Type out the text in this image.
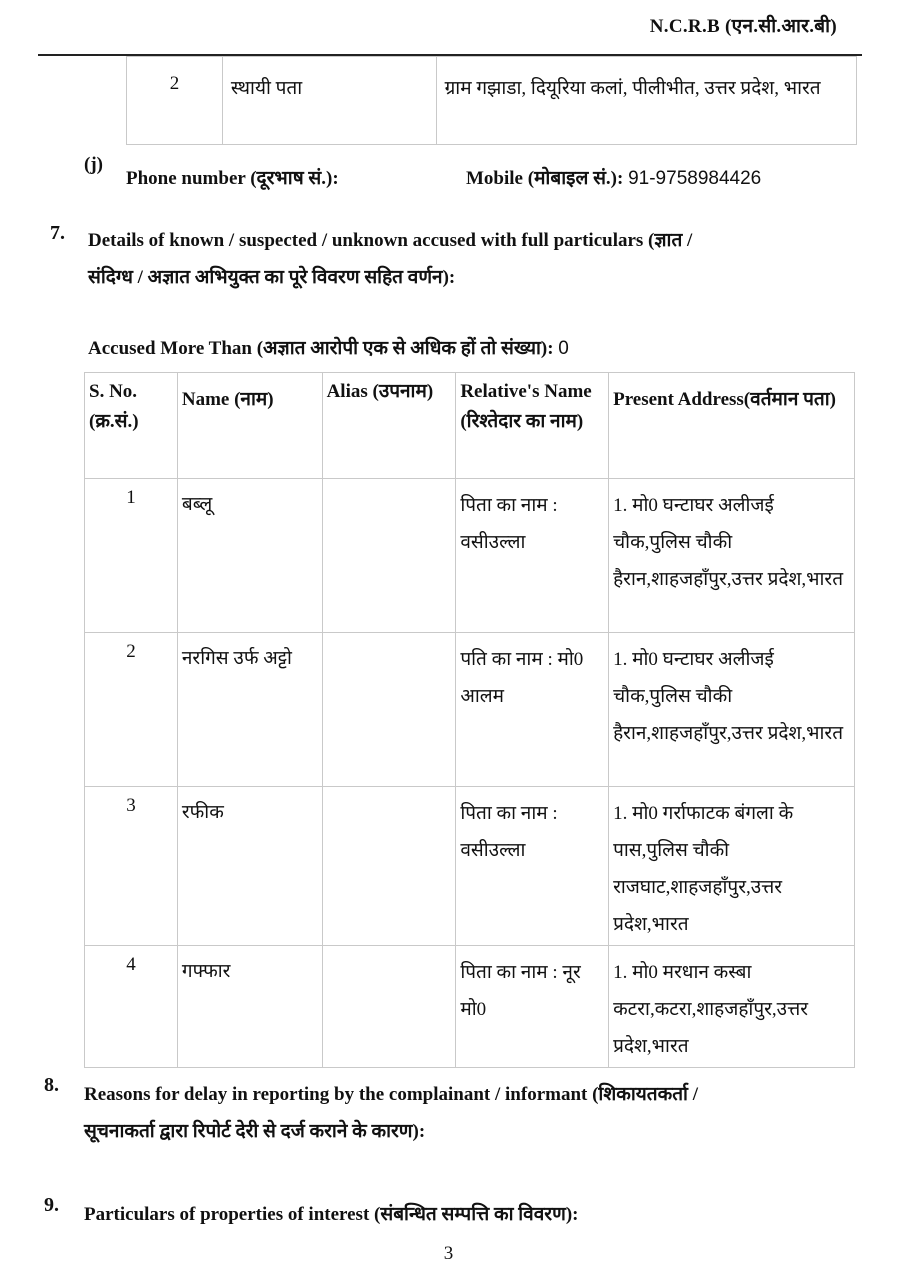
N.C.R.B (एन.सी.आर.बी)
2	स्थायी पता	ग्राम गझाडा, दियूरिया कलां, पीलीभीत, उत्तर प्रदेश, भारत
(j)
Phone number (दूरभाष सं.):	Mobile (मोबाइल सं.): 91-9758984426
7. Details of known / suspected / unknown accused with full particulars (ज्ञात /
संदिग्ध / अज्ञात अभियुक्त का पूरे विवरण सहित वर्णन):
Accused More Than (अज्ञात आरोपी एक से अधिक हों तो संख्या): 0
S. No. (क्र.सं.)	Name (नाम)	Alias (उपनाम)	Relative's Name (रिश्तेदार का नाम)	Present Address(वर्तमान पता)
1	बब्लू		पिता का नाम : वसीउल्ला	1. मो0 घन्टाघर अलीजई चौक,पुलिस चौकी हैरान,शाहजहाँपुर,उत्तर प्रदेश,भारत
2	नरगिस उर्फ अट्टो		पति का नाम : मो0 आलम	1. मो0 घन्टाघर अलीजई चौक,पुलिस चौकी हैरान,शाहजहाँपुर,उत्तर प्रदेश,भारत
3	रफीक		पिता का नाम : वसीउल्ला	1. मो0 गर्राफाटक बंगला के पास,पुलिस चौकी राजघाट,शाहजहाँपुर,उत्तर प्रदेश,भारत
4	गफ्फार		पिता का नाम : नूर मो0	1. मो0 मरधान कस्बा कटरा,कटरा,शाहजहाँपुर,उत्तर प्रदेश,भारत
8. Reasons for delay in reporting by the complainant / informant (शिकायतकर्ता /
सूचनाकर्ता द्वारा रिपोर्ट देरी से दर्ज कराने के कारण):
9. Particulars of properties of interest (संबन्धित सम्पत्ति का विवरण):
3
